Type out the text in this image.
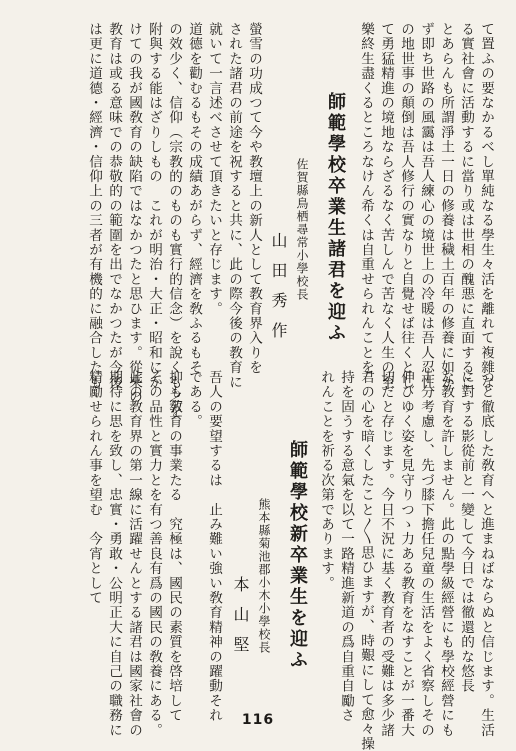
て置ふの要なかるべし單純なる學生々活を離れて複雜な
る實社會に活動するに當り或は世相の醜悪に直面するこ
とあらんも所謂淨土一日の修養は穢土百年の修養に如か
ず即ち世路の風靄は吾人練心の境世上の冷暖は吾人忍性
の地世事の顛倒は吾人修行の實なりと自覺せば往くとし
て勇猛精進の境地ならざるなく苦しんで苦なく人生の至
樂終生盡くるところなけん希くは自重せられんことを
師範學校卒業生諸君を迎ふ
佐賀縣鳥栖尋常小學校長
山田秀作
螢雪の功成つて今や教壇上の新人として教育界入りを
された諸君の前途を祝すると共に、此の際今後の教育に
就いて一言述べさせて頂きたいと存じます。
道德を勸むるもその成績あがらず、經濟を敎ふるもそ
の效少く、信仰（宗教的のものも實行的信念）を說くも之を
附與する能はざりしもの　これが明治・大正・昭和にか
けての我が國敎育の缺陷ではなかつたと思ひます。從來の
教育は或る意味での恭敬的の範圍を出でなかつたが今後
は更に道德・經濟・信仰上の三者が有機的に融合したも
つと徹底した敎育へと進まねばならぬと信じます。生活
に對する影從前と一變して今日では徹還的な悠長
な教育を許しません。此の點學級經營にも學校經營にも
十分考慮し、先づ膝下擔任兒童の生活をよく省察しその
伸びゆく姿を見守りつゝ力ある教育をなすことが一番大
切だと存じます。今日不況に基く教育者の受難は多少諸
君の心を暗くしたこと〱思ひますが、時艱にして愈々操
持を固うする意氣を以て一路精進新道の爲自重自勵さ
れんことを祈る次第であります。
師範學校新卒業生を迎ふ
熊本縣菊池郡小木小學校長
本山堅
吾人の要望するは　止み難い強い敎育精神の躍動それ
である。
抑も敎育の事業たる　究極は、國民の素質を啓培して
その品性と實力とを有つ善良有爲の國民の敎養にある。
此の教育界の第一線に活躍せんとする諸君は國家社會の
期待に思を致し、忠實・勇敢・公明正大に自己の職務に
精勵せられん事を望む　今宵として
116
